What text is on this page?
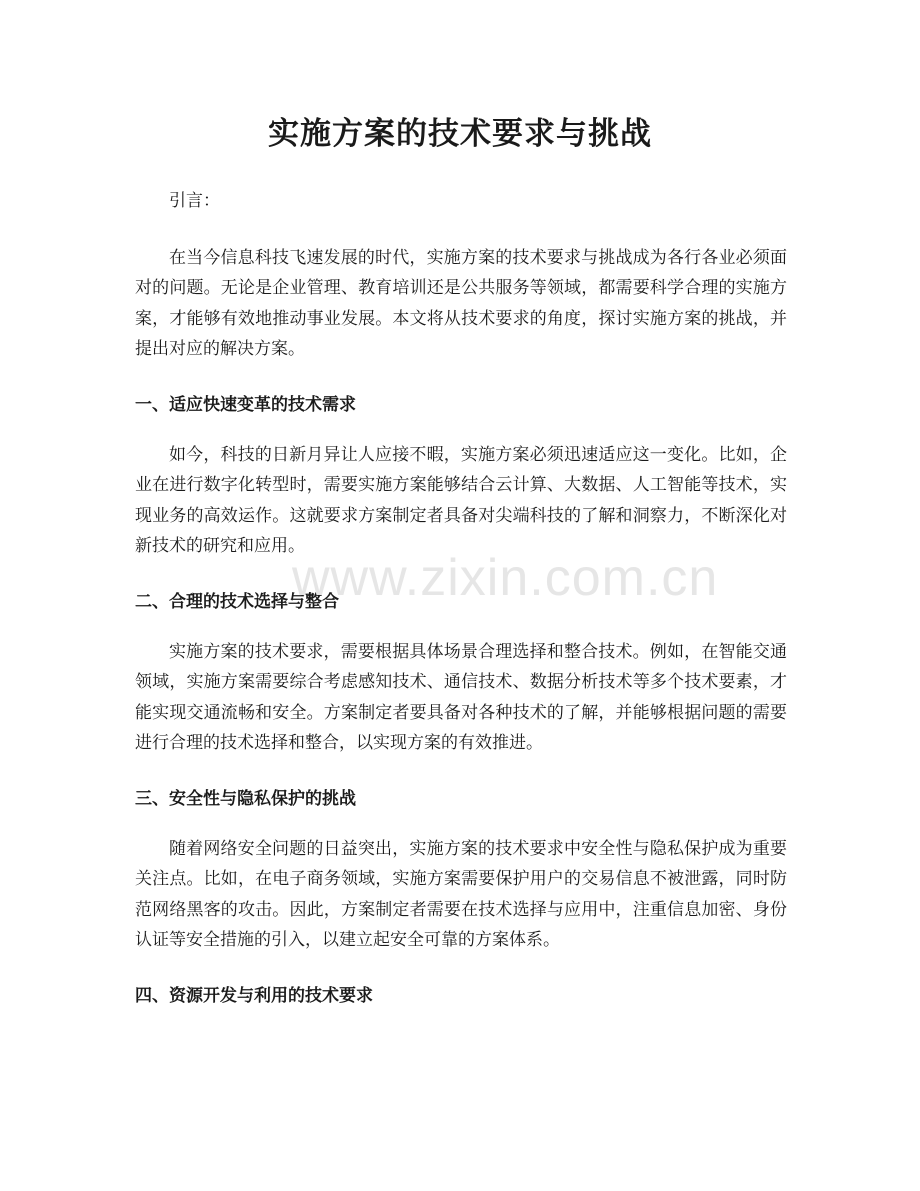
实施方案的技术要求与挑战

引言：

在当今信息科技飞速发展的时代，实施方案的技术要求与挑战成为各行各业必须面对的问题。无论是企业管理、教育培训还是公共服务等领域，都需要科学合理的实施方案，才能够有效地推动事业发展。本文将从技术要求的角度，探讨实施方案的挑战，并提出对应的解决方案。

一、适应快速变革的技术需求

如今，科技的日新月异让人应接不暇，实施方案必须迅速适应这一变化。比如，企业在进行数字化转型时，需要实施方案能够结合云计算、大数据、人工智能等技术，实现业务的高效运作。这就要求方案制定者具备对尖端科技的了解和洞察力，不断深化对新技术的研究和应用。

二、合理的技术选择与整合

实施方案的技术要求，需要根据具体场景合理选择和整合技术。例如，在智能交通领域，实施方案需要综合考虑感知技术、通信技术、数据分析技术等多个技术要素，才能实现交通流畅和安全。方案制定者要具备对各种技术的了解，并能够根据问题的需要进行合理的技术选择和整合，以实现方案的有效推进。

三、安全性与隐私保护的挑战

随着网络安全问题的日益突出，实施方案的技术要求中安全性与隐私保护成为重要关注点。比如，在电子商务领域，实施方案需要保护用户的交易信息不被泄露，同时防范网络黑客的攻击。因此，方案制定者需要在技术选择与应用中，注重信息加密、身份认证等安全措施的引入，以建立起安全可靠的方案体系。

四、资源开发与利用的技术要求
www.zixin.com.cn
